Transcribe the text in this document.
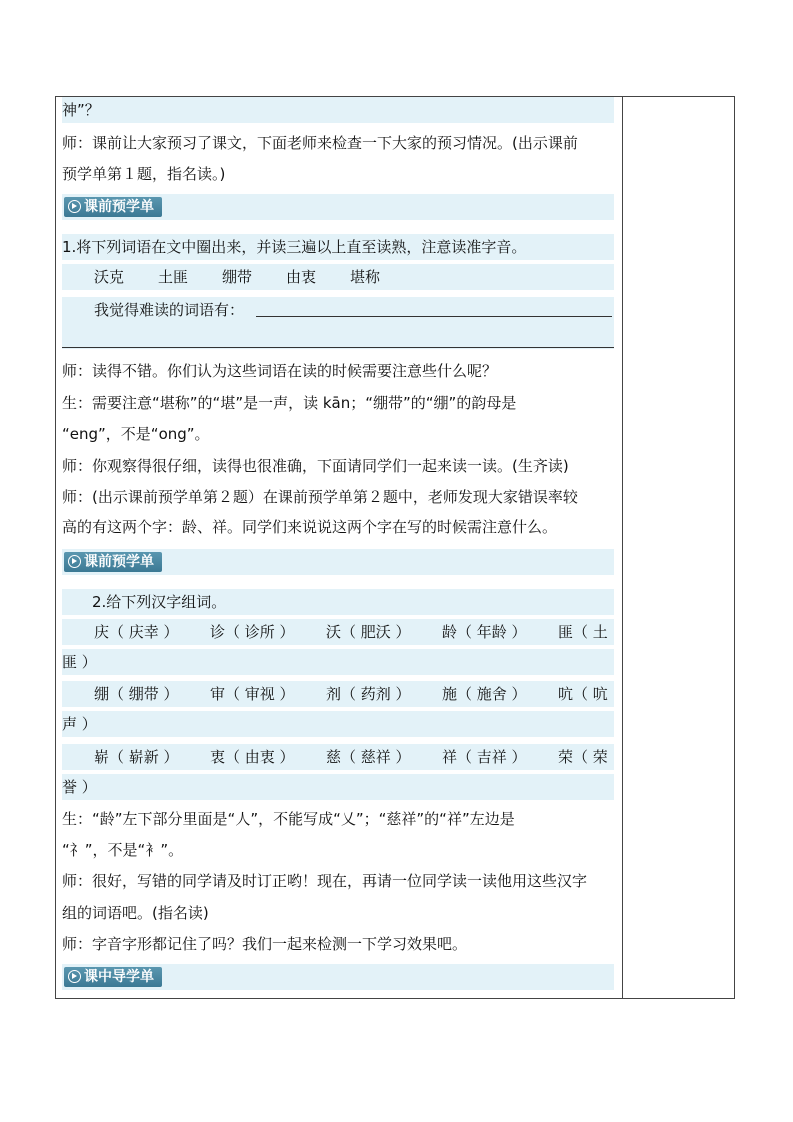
神”？
师：课前让大家预习了课文，下面老师来检查一下大家的预习情况。(出示课前
预学单第１题，指名读。)
课前预学单
1.将下列词语在文中圈出来，并读三遍以上直至读熟，注意读准字音。
沃克 土匪 绷带 由衷 堪称
我觉得难读的词语有：
师：读得不错。你们认为这些词语在读的时候需要注意些什么呢？
生：需要注意“堪称”的“堪”是一声，读 kān；“绷带”的“绷”的韵母是
“eng”，不是“ong”。
师：你观察得很仔细，读得也很准确，下面请同学们一起来读一读。(生齐读)
师：(出示课前预学单第２题）在课前预学单第２题中，老师发现大家错误率较
高的有这两个字：龄、祥。同学们来说说这两个字在写的时候需注意什么。
课前预学单
2.给下列汉字组词。
庆（ 庆幸 ） 诊（ 诊所 ） 沃（ 肥沃 ） 龄（ 年龄 ） 匪（ 土
匪 ）
绷（ 绷带 ） 审（ 审视 ） 剂（ 药剂 ） 施（ 施舍 ） 吭（ 吭
声 ）
崭（ 崭新 ） 衷（ 由衷 ） 慈（ 慈祥 ） 祥（ 吉祥 ） 荣（ 荣
誉 ）
生：“龄”左下部分里面是“人”，不能写成“乂”；“慈祥”的“祥”左边是
“礻”，不是“衤”。
师：很好，写错的同学请及时订正哟！现在，再请一位同学读一读他用这些汉字
组的词语吧。(指名读)
师：字音字形都记住了吗？我们一起来检测一下学习效果吧。
课中导学单
